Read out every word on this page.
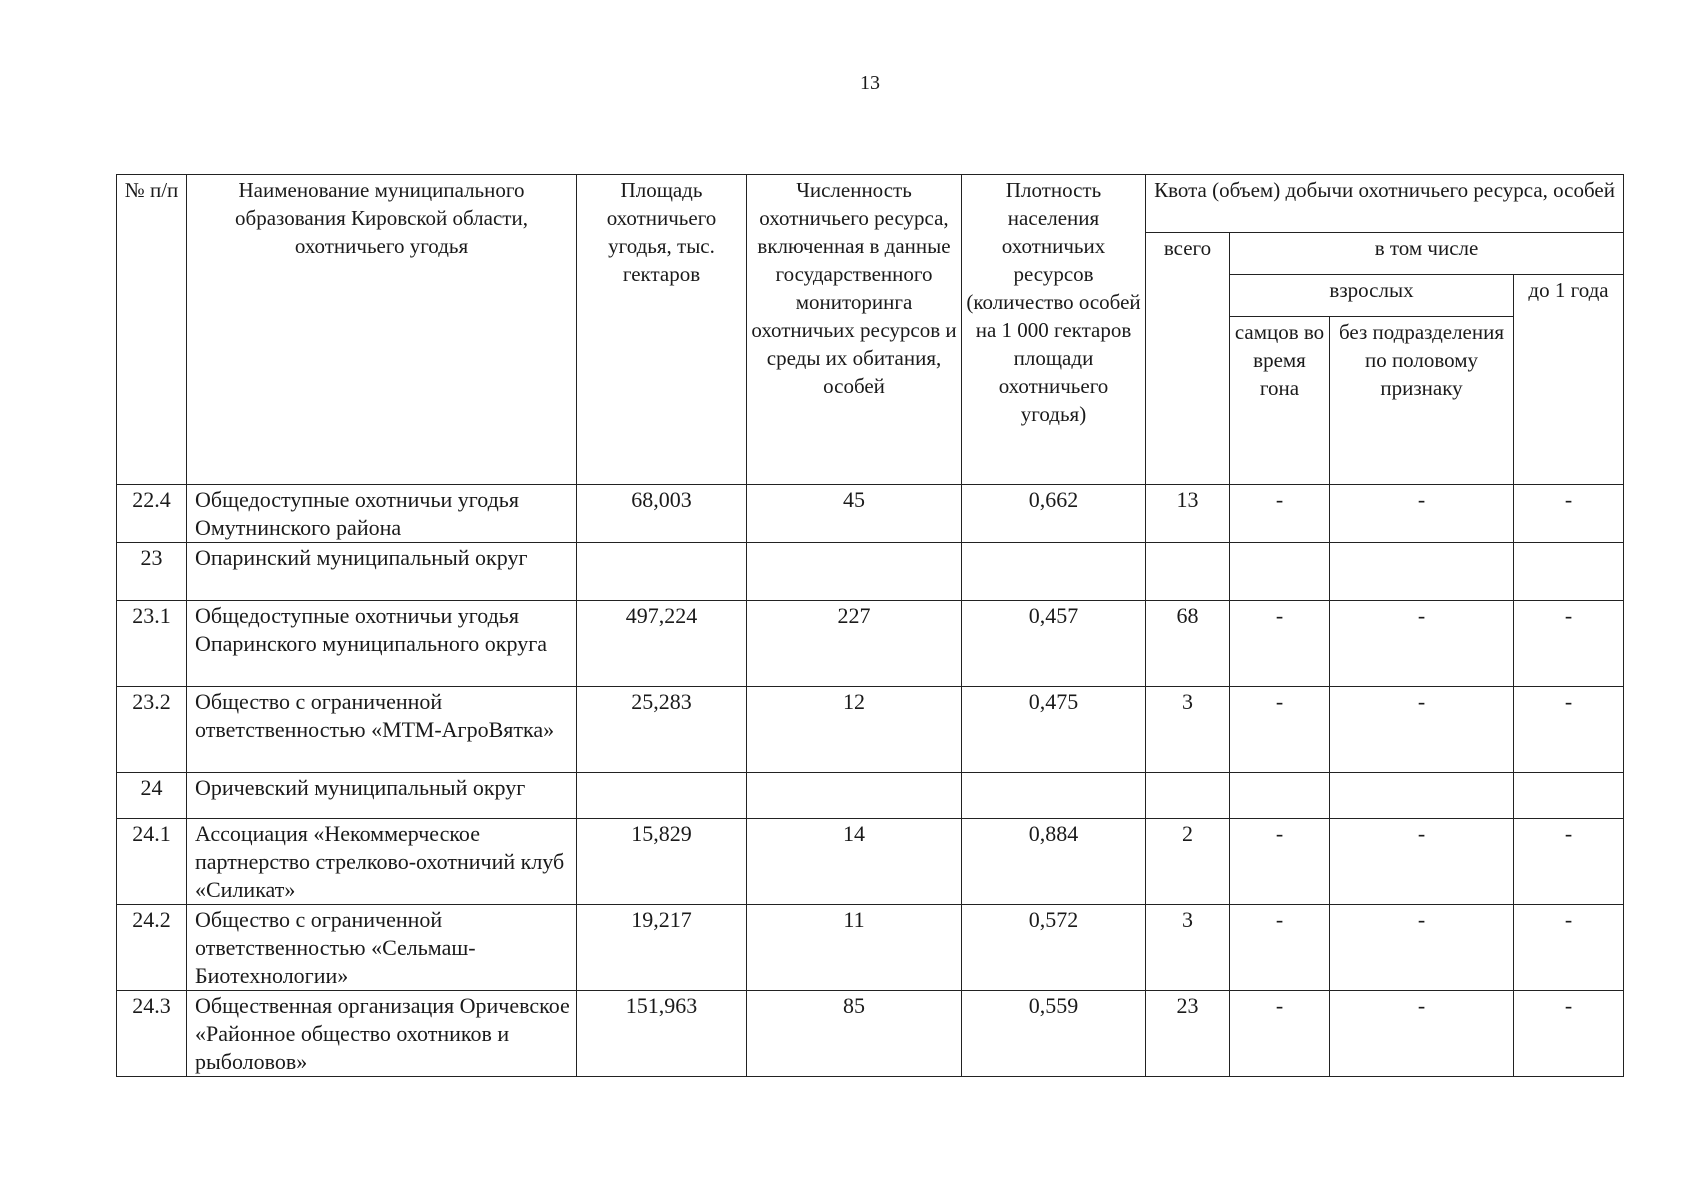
13
№ п/п	Наименование муниципального образования Кировской области, охотничьего угодья	Площадь охотничьего угодья, тыс. гектаров	Численность охотничьего ресурса, включенная в данные государственного мониторинга охотничьих ресурсов и среды их обитания, особей	Плотность населения охотничьих ресурсов (количество особей на 1 000 гектаров площади охотничьего угодья)	Квота (объем) добычи охотничьего ресурса, особей			
					всего	в том числе		
						взрослых		до 1 года
						самцов во время гона	без подразделения по половому признаку	
22.4	Общедоступные охотничьи угодья Омутнинского района	68,003	45	0,662	13	-	-	-
23	Опаринский муниципальный округ							
23.1	Общедоступные охотничьи угодья Опаринского муниципального округа	497,224	227	0,457	68	-	-	-
23.2	Общество с ограниченной ответственностью «МТМ-АгроВятка»	25,283	12	0,475	3	-	-	-
24	Оричевский муниципальный округ							
24.1	Ассоциация «Некоммерческое партнерство стрелково-охотничий клуб «Силикат»	15,829	14	0,884	2	-	-	-
24.2	Общество с ограниченной ответственностью «Сельмаш-Биотехнологии»	19,217	11	0,572	3	-	-	-
24.3	Общественная организация Оричевское «Районное общество охотников и рыболовов»	151,963	85	0,559	23	-	-	-
